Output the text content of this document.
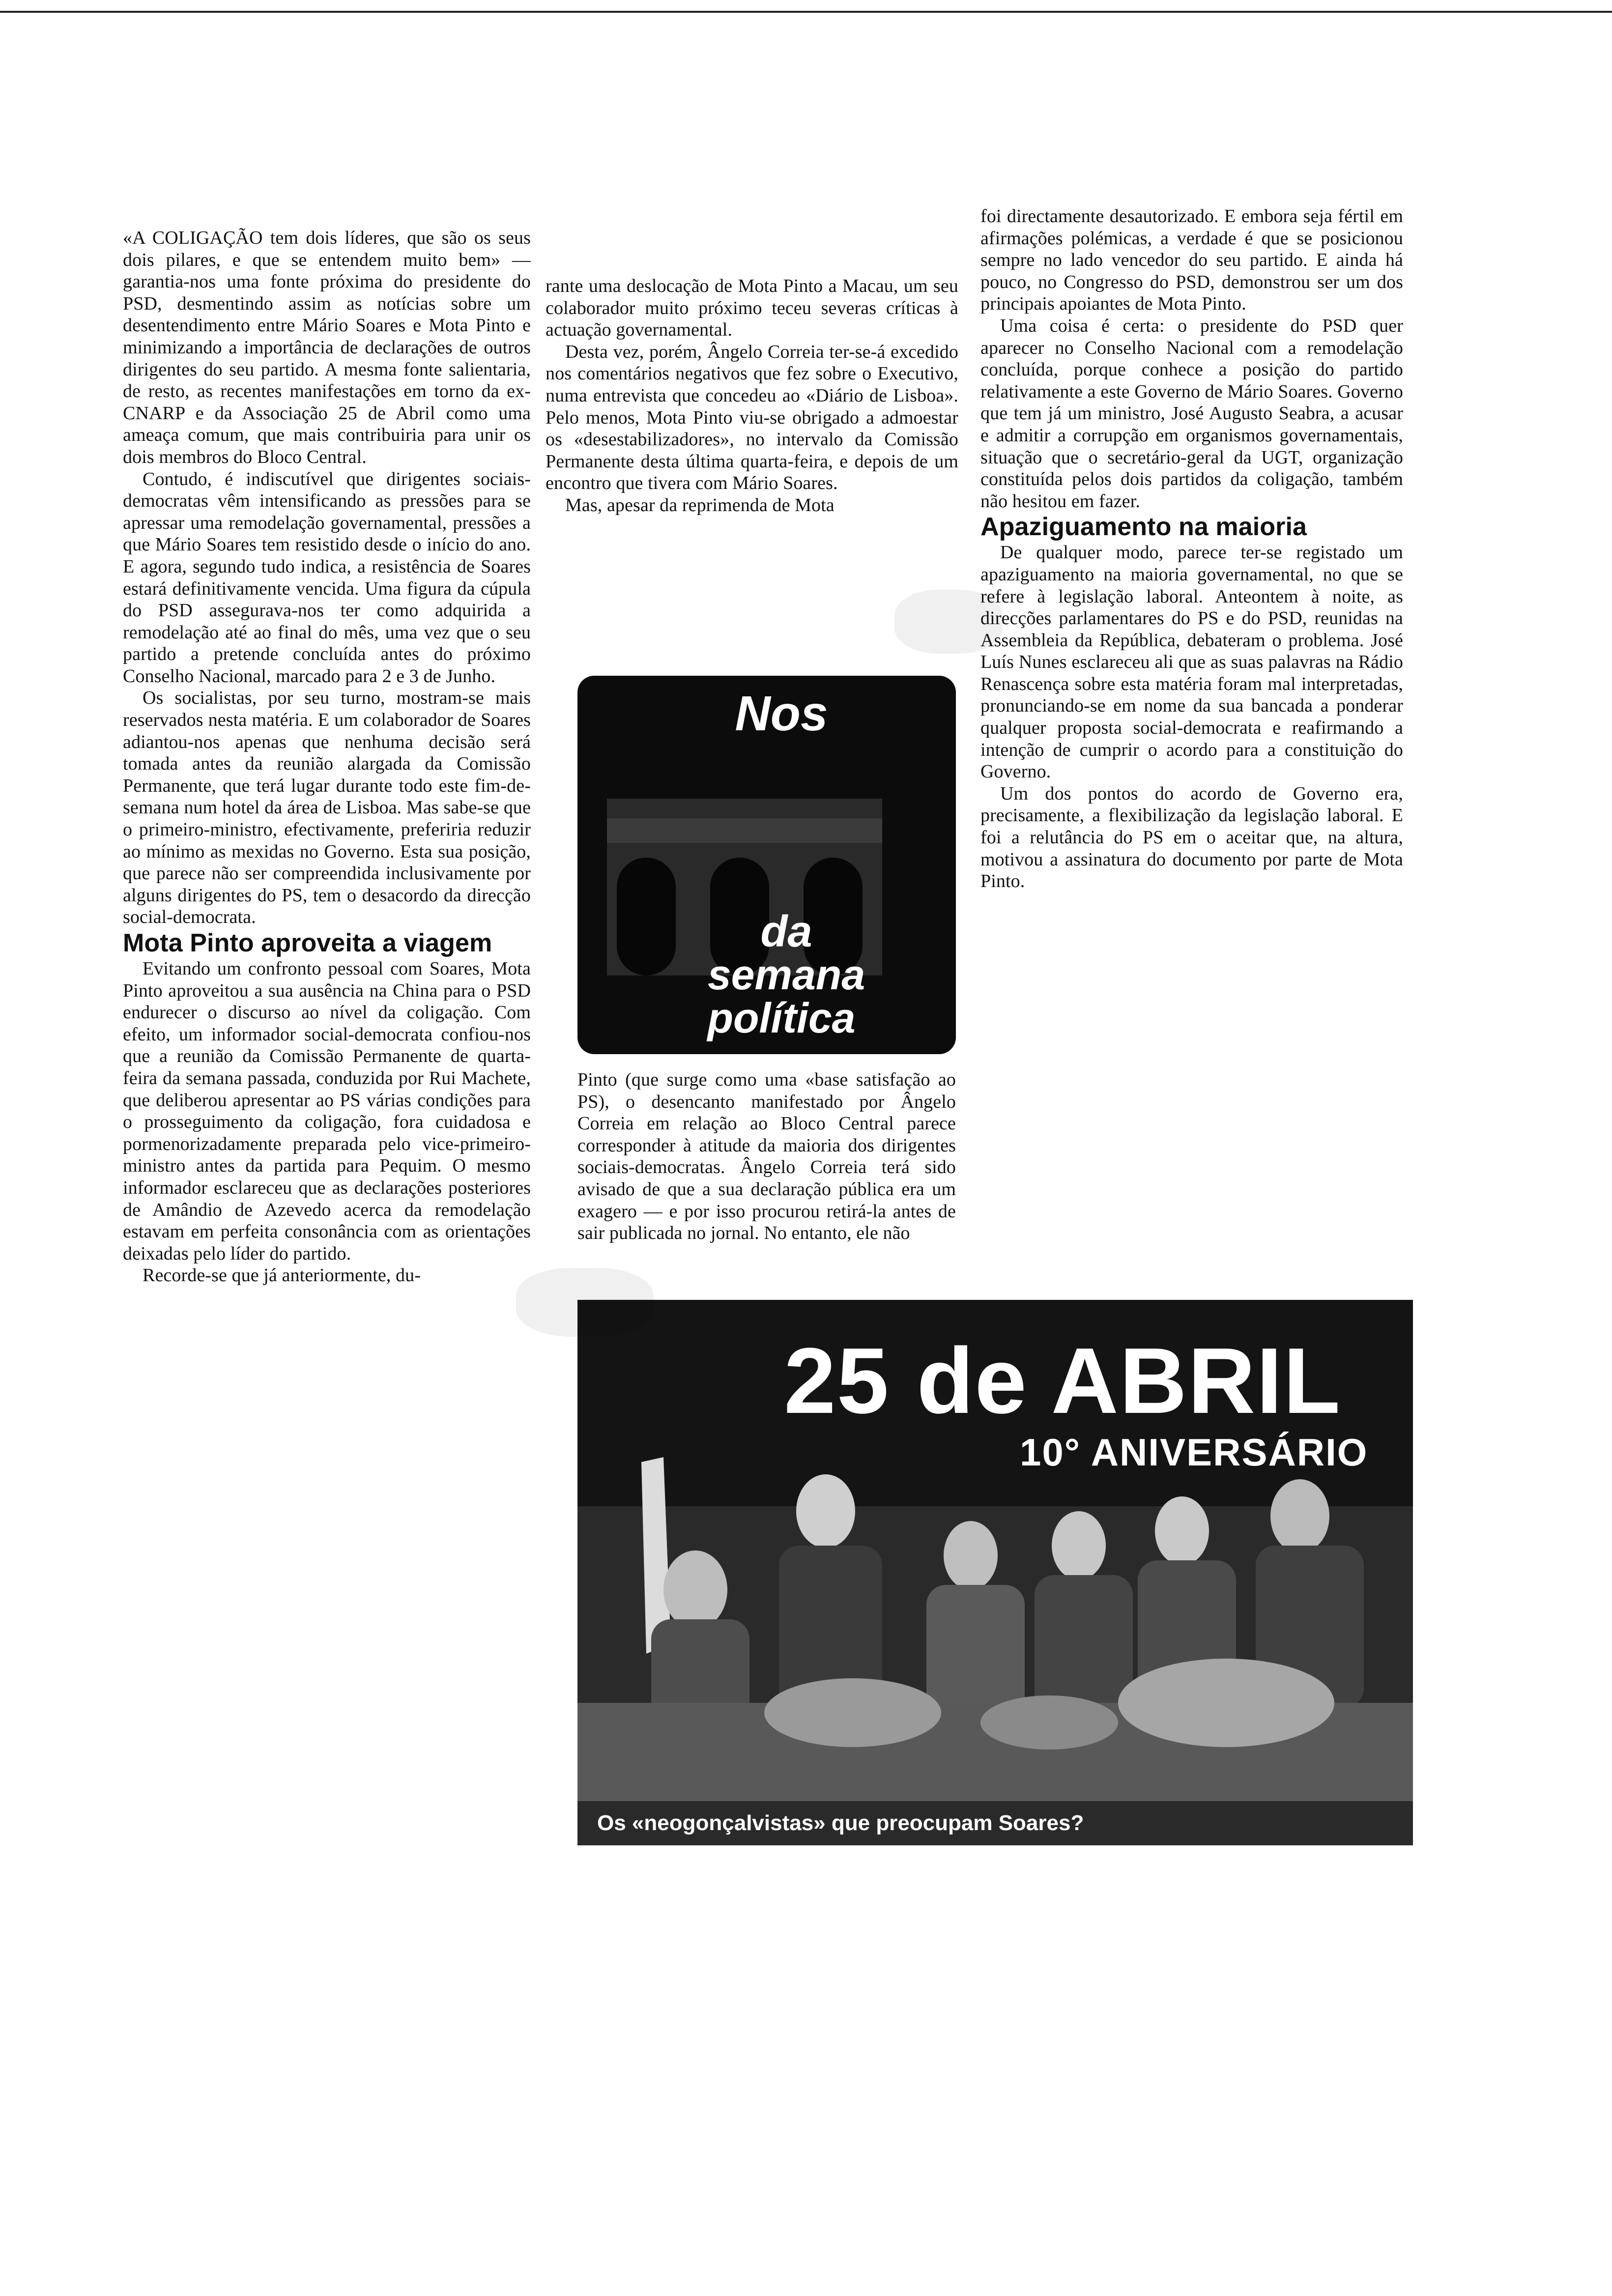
«A COLIGAÇÃO tem dois líderes, que são os seus dois pilares, e que se entendem muito bem» — garantia-nos uma fonte próxima do presidente do PSD, desmentindo assim as notícias sobre um desentendimento entre Mário Soares e Mota Pinto e minimizando a importância de declarações de outros dirigentes do seu partido. A mesma fonte salientaria, de resto, as recentes manifestações em torno da ex-CNARP e da Associação 25 de Abril como uma ameaça comum, que mais contribuiria para unir os dois membros do Bloco Central.

Contudo, é indiscutível que dirigentes sociais-democratas vêm intensificando as pressões para se apressar uma remodelação governamental, pressões a que Mário Soares tem resistido desde o início do ano. E agora, segundo tudo indica, a resistência de Soares estará definitivamente vencida. Uma figura da cúpula do PSD assegurava-nos ter como adquirida a remodelação até ao final do mês, uma vez que o seu partido a pretende concluída antes do próximo Conselho Nacional, marcado para 2 e 3 de Junho.

Os socialistas, por seu turno, mostram-se mais reservados nesta matéria. E um colaborador de Soares adiantou-nos apenas que nenhuma decisão será tomada antes da reunião alargada da Comissão Permanente, que terá lugar durante todo este fim-de-semana num hotel da área de Lisboa. Mas sabe-se que o primeiro-ministro, efectivamente, preferiria reduzir ao mínimo as mexidas no Governo. Esta sua posição, que parece não ser compreendida inclusivamente por alguns dirigentes do PS, tem o desacordo da direcção social-democrata.

Mota Pinto aproveita a viagem

Evitando um confronto pessoal com Soares, Mota Pinto aproveitou a sua ausência na China para o PSD endurecer o discurso ao nível da coligação. Com efeito, um informador social-democrata confiou-nos que a reunião da Comissão Permanente de quarta-feira da semana passada, conduzida por Rui Machete, que deliberou apresentar ao PS várias condições para o prosseguimento da coligação, fora cuidadosa e pormenorizadamente preparada pelo vice-primeiro-ministro antes da partida para Pequim. O mesmo informador esclareceu que as declarações posteriores de Amândio de Azevedo acerca da remodelação estavam em perfeita consonância com as orientações deixadas pelo líder do partido.

Recorde-se que já anteriormente, du-

rante uma deslocação de Mota Pinto a Macau, um seu colaborador muito próximo teceu severas críticas à actuação governamental.

Desta vez, porém, Ângelo Correia ter-se-á excedido nos comentários negativos que fez sobre o Executivo, numa entrevista que concedeu ao «Diário de Lisboa». Pelo menos, Mota Pinto viu-se obrigado a admoestar os «desestabilizadores», no intervalo da Comissão Permanente desta última quarta-feira, e depois de um encontro que tivera com Mário Soares.

Mas, apesar da reprimenda de Mota

Nos
da
semana
política

Pinto (que surge como uma «base satisfação ao PS), o desencanto manifestado por Ângelo Correia em relação ao Bloco Central parece corresponder à atitude da maioria dos dirigentes sociais-democratas. Ângelo Correia terá sido avisado de que a sua declaração pública era um exagero — e por isso procurou retirá-la antes de sair publicada no jornal. No entanto, ele não

foi directamente desautorizado. E embora seja fértil em afirmações polémicas, a verdade é que se posicionou sempre no lado vencedor do seu partido. E ainda há pouco, no Congresso do PSD, demonstrou ser um dos principais apoiantes de Mota Pinto.

Uma coisa é certa: o presidente do PSD quer aparecer no Conselho Nacional com a remodelação concluída, porque conhece a posição do partido relativamente a este Governo de Mário Soares. Governo que tem já um ministro, José Augusto Seabra, a acusar e admitir a corrupção em organismos governamentais, situação que o secretário-geral da UGT, organização constituída pelos dois partidos da coligação, também não hesitou em fazer.

Apaziguamento na maioria

De qualquer modo, parece ter-se registado um apaziguamento na maioria governamental, no que se refere à legislação laboral. Anteontem à noite, as direcções parlamentares do PS e do PSD, reunidas na Assembleia da República, debateram o problema. José Luís Nunes esclareceu ali que as suas palavras na Rádio Renascença sobre esta matéria foram mal interpretadas, pronunciando-se em nome da sua bancada a ponderar qualquer proposta social-democrata e reafirmando a intenção de cumprir o acordo para a constituição do Governo.

Um dos pontos do acordo de Governo era, precisamente, a flexibilização da legislação laboral. E foi a relutância do PS em o aceitar que, na altura, motivou a assinatura do documento por parte de Mota Pinto.

25 de ABRIL
10° ANIVERSÁRIO
Os «neogonçalvistas» que preocupam Soares?
